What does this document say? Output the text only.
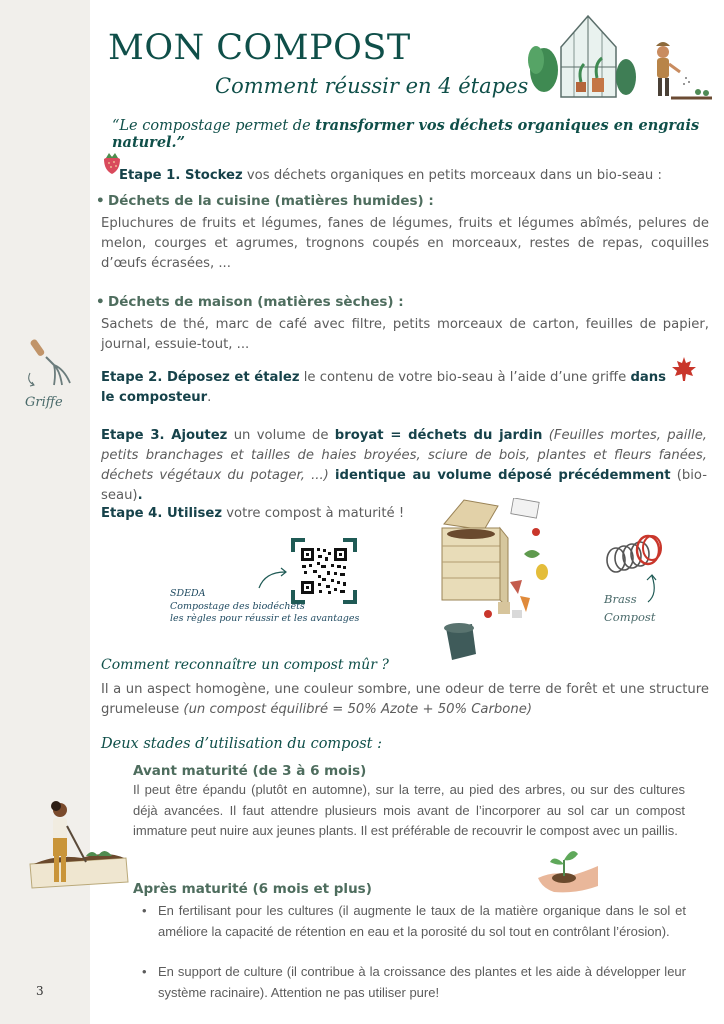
3
MON COMPOST
Comment réussir en 4 étapes
“Le compostage permet de transformer vos déchets organiques en engrais naturel.”
Etape 1. Stockez vos déchets organiques en petits morceaux dans un bio-seau :
• Déchets de la cuisine (matières humides) :
Epluchures de fruits et légumes, fanes de légumes, fruits et légumes abîmés, pelures de melon, courges et agrumes, trognons coupés en morceaux, restes de repas, coquilles d’œufs écrasées, ...
• Déchets de maison (matières sèches) :
Sachets de thé, marc de café avec filtre, petits morceaux de carton, feuilles de papier, journal, essuie-tout, ...
Griffe
Etape 2. Déposez et étalez le contenu de votre bio-seau à l’aide d’une griffe dans le composteur.
Etape 3. Ajoutez un volume de broyat = déchets du jardin (Feuilles mortes, paille, petits branchages et tailles de haies broyées, sciure de bois, plantes et fleurs fanées, déchets végétaux du potager, ...) identique au volume déposé précédemment (bio-seau).
Etape 4. Utilisez votre compost à maturité !
SDEDA
Compostage des biodéchets
les règles pour réussir et les avantages
Brass
Compost
Comment reconnaître un compost mûr ?
Il a un aspect homogène, une couleur sombre, une odeur de terre de forêt et une structure grumeleuse (un compost équilibré = 50% Azote + 50% Carbone)
Deux stades d’utilisation du compost :
Avant maturité (de 3 à 6 mois)
Il peut être épandu (plutôt en automne), sur la terre, au pied des arbres, ou sur des cultures déjà avancées. Il faut attendre plusieurs mois avant de l’incorporer au sol car un compost immature peut nuire aux jeunes plants. Il est préférable de recouvrir le compost avec un paillis.
Après maturité (6 mois et plus)
• En fertilisant pour les cultures (il augmente le taux de la matière organique dans le sol et améliore la capacité de rétention en eau et la porosité du sol tout en contrôlant l’érosion).
• En support de culture (il contribue à la croissance des plantes et les aide à développer leur système racinaire). Attention ne pas utiliser pure!
